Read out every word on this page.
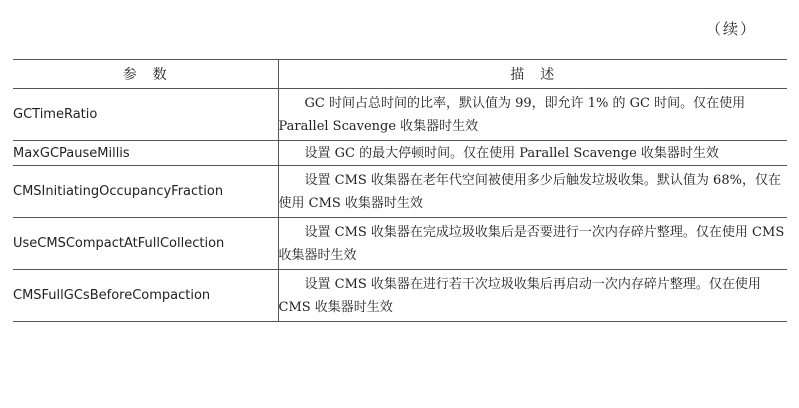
（续）
参　数	描　述
GCTimeRatio	GC 时间占总时间的比率，默认值为 99，即允许 1% 的 GC 时间。仅在使用 Parallel Scavenge 收集器时生效
MaxGCPauseMillis	设置 GC 的最大停顿时间。仅在使用 Parallel Scavenge 收集器时生效
CMSInitiatingOccupancyFraction	设置 CMS 收集器在老年代空间被使用多少后触发垃圾收集。默认值为 68%，仅在使用 CMS 收集器时生效
UseCMSCompactAtFullCollection	设置 CMS 收集器在完成垃圾收集后是否要进行一次内存碎片整理。仅在使用 CMS 收集器时生效
CMSFullGCsBeforeCompaction	设置 CMS 收集器在进行若干次垃圾收集后再启动一次内存碎片整理。仅在使用 CMS 收集器时生效
